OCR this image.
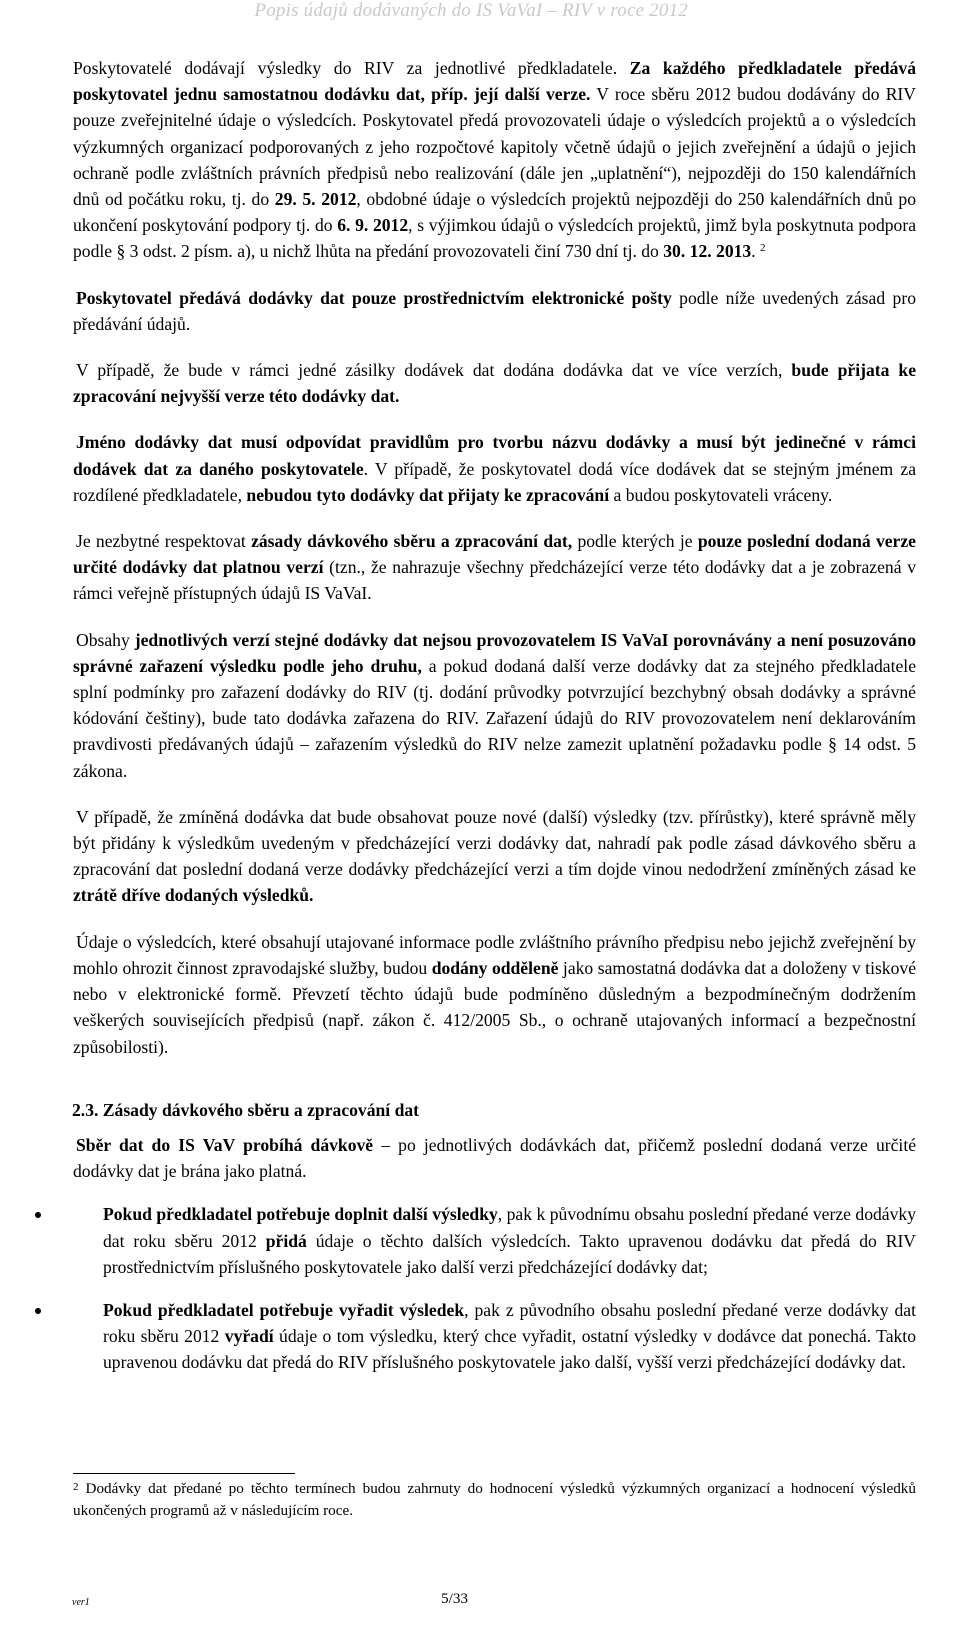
Popis údajů dodávaných do IS VaVaI – RIV v roce 2012

Poskytovatelé dodávají výsledky do RIV za jednotlivé předkladatele. Za každého předkladatele předává poskytovatel jednu samostatnou dodávku dat, příp. její další verze. V roce sběru 2012 budou dodávány do RIV pouze zveřejnitelné údaje o výsledcích. Poskytovatel předá provozovateli údaje o výsledcích projektů a o výsledcích výzkumných organizací podporovaných z jeho rozpočtové kapitoly včetně údajů o jejich zveřejnění a údajů o jejich ochraně podle zvláštních právních předpisů nebo realizování (dále jen „uplatnění“), nejpozději do 150 kalendářních dnů od počátku roku, tj. do 29. 5. 2012, obdobné údaje o výsledcích projektů nejpozději do 250 kalendářních dnů po ukončení poskytování podpory tj. do 6. 9. 2012, s výjimkou údajů o výsledcích projektů, jimž byla poskytnuta podpora podle § 3 odst. 2 písm. a), u nichž lhůta na předání provozovateli činí 730 dní tj. do 30. 12. 2013. $^2$

Poskytovatel předává dodávky dat pouze prostřednictvím elektronické pošty podle níže uvedených zásad pro předávání údajů.

V případě, že bude v rámci jedné zásilky dodávek dat dodána dodávka dat ve více verzích, bude přijata ke zpracování nejvyšší verze této dodávky dat.

Jméno dodávky dat musí odpovídat pravidlům pro tvorbu názvu dodávky a musí být jedinečné v rámci dodávek dat za daného poskytovatele. V případě, že poskytovatel dodá více dodávek dat se stejným jménem za rozdílené předkladatele, nebudou tyto dodávky dat přijaty ke zpracování a budou poskytovateli vráceny.

Je nezbytné respektovat zásady dávkového sběru a zpracování dat, podle kterých je pouze poslední dodaná verze určité dodávky dat platnou verzí (tzn., že nahrazuje všechny předcházející verze této dodávky dat a je zobrazená v rámci veřejně přístupných údajů IS VaVaI.

Obsahy jednotlivých verzí stejné dodávky dat nejsou provozovatelem IS VaVaI porovnávány a není posuzováno správné zařazení výsledku podle jeho druhu, a pokud dodaná další verze dodávky dat za stejného předkladatele splní podmínky pro zařazení dodávky do RIV (tj. dodání průvodky potvrzující bezchybný obsah dodávky a správné kódování češtiny), bude tato dodávka zařazena do RIV. Zařazení údajů do RIV provozovatelem není deklarováním pravdivosti předávaných údajů – zařazením výsledků do RIV nelze zamezit uplatnění požadavku podle § 14 odst. 5 zákona.

V případě, že zmíněná dodávka dat bude obsahovat pouze nové (další) výsledky (tzv. přírůstky), které správně měly být přidány k výsledkům uvedeným v předcházející verzi dodávky dat, nahradí pak podle zásad dávkového sběru a zpracování dat poslední dodaná verze dodávky předcházející verzi a tím dojde vinou nedodržení zmíněných zásad ke ztrátě dříve dodaných výsledků.

Údaje o výsledcích, které obsahují utajované informace podle zvláštního právního předpisu nebo jejichž zveřejnění by mohlo ohrozit činnost zpravodajské služby, budou dodány odděleně jako samostatná dodávka dat a doloženy v tiskové nebo v elektronické formě. Převzetí těchto údajů bude podmíněno důsledným a bezpodmínečným dodržením veškerých souvisejících předpisů (např. zákon č. 412/2005 Sb., o ochraně utajovaných informací a bezpečnostní způsobilosti).

2.3. Zásady dávkového sběru a zpracování dat

Sběr dat do IS VaV probíhá dávkově – po jednotlivých dodávkách dat, přičemž poslední dodaná verze určité dodávky dat je brána jako platná.

Pokud předkladatel potřebuje doplnit další výsledky, pak k původnímu obsahu poslední předané verze dodávky dat roku sběru 2012 přidá údaje o těchto dalších výsledcích. Takto upravenou dodávku dat předá do RIV prostřednictvím příslušného poskytovatele jako další verzi předcházející dodávky dat;
Pokud předkladatel potřebuje vyřadit výsledek, pak z původního obsahu poslední předané verze dodávky dat roku sběru 2012 vyřadí údaje o tom výsledku, který chce vyřadit, ostatní výsledky v dodávce dat ponechá. Takto upravenou dodávku dat předá do RIV příslušného poskytovatele jako další, vyšší verzi předcházející dodávky dat.
$^2$ Dodávky dat předané po těchto termínech budou zahrnuty do hodnocení výsledků výzkumných organizací a hodnocení výsledků ukončených programů až v následujícím roce.
ver1	5/33
